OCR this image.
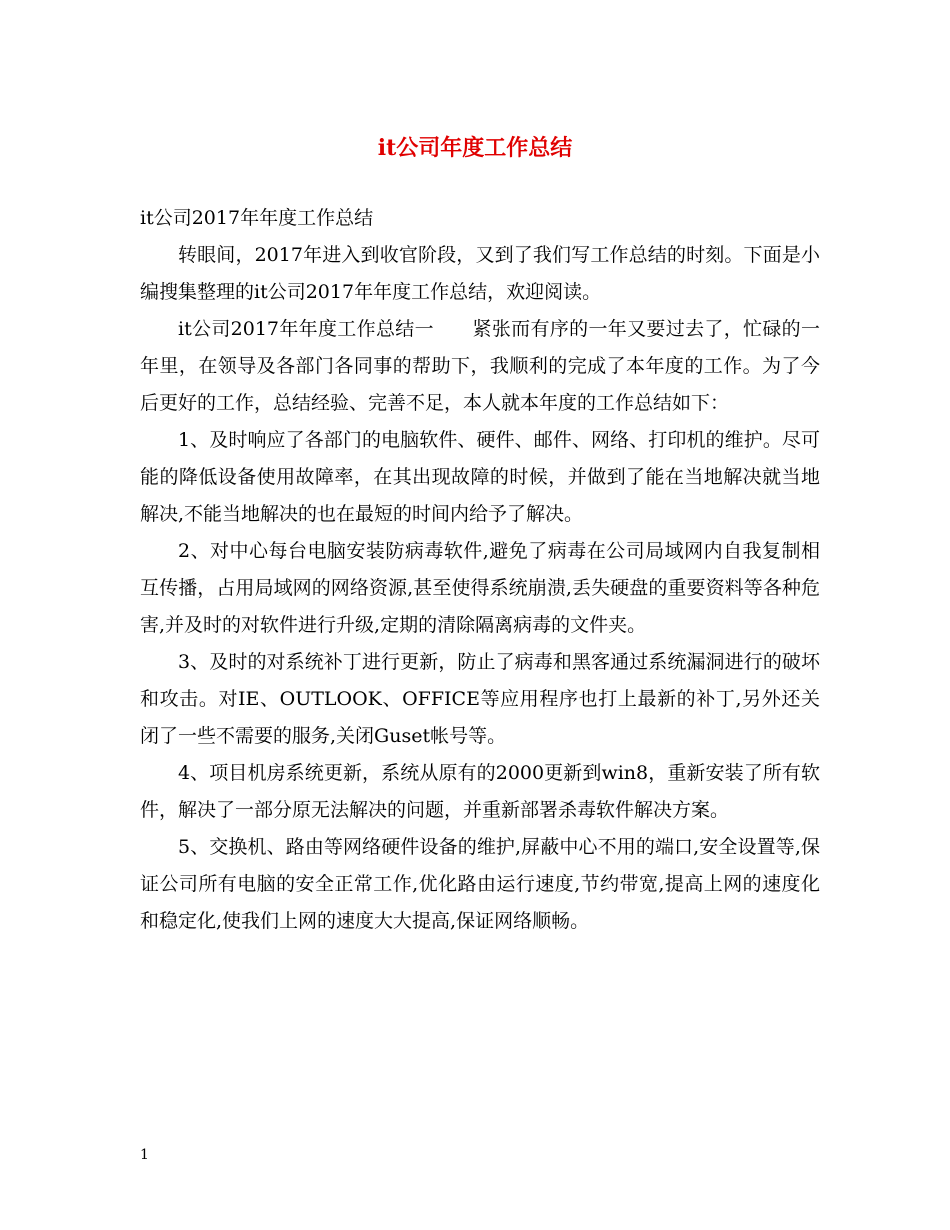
it公司年度工作总结

it公司2017年年度工作总结

转眼间，2017年进入到收官阶段，又到了我们写工作总结的时刻。下面是小编搜集整理的it公司2017年年度工作总结，欢迎阅读。

it公司2017年年度工作总结一　　紧张而有序的一年又要过去了，忙碌的一年里，在领导及各部门各同事的帮助下，我顺利的完成了本年度的工作。为了今后更好的工作，总结经验、完善不足，本人就本年度的工作总结如下：

1、及时响应了各部门的电脑软件、硬件、邮件、网络、打印机的维护。尽可能的降低设备使用故障率，在其出现故障的时候，并做到了能在当地解决就当地解决,不能当地解决的也在最短的时间内给予了解决。

2、对中心每台电脑安装防病毒软件,避免了病毒在公司局域网内自我复制相互传播，占用局域网的网络资源,甚至使得系统崩溃,丢失硬盘的重要资料等各种危害,并及时的对软件进行升级,定期的清除隔离病毒的文件夹。

3、及时的对系统补丁进行更新，防止了病毒和黑客通过系统漏洞进行的破坏和攻击。对IE、OUTLOOK、OFFICE等应用程序也打上最新的补丁,另外还关闭了一些不需要的服务,关闭Guset帐号等。

4、项目机房系统更新，系统从原有的2000更新到win8，重新安装了所有软件，解决了一部分原无法解决的问题，并重新部署杀毒软件解决方案。

5、交换机、路由等网络硬件设备的维护,屏蔽中心不用的端口,安全设置等,保证公司所有电脑的安全正常工作,优化路由运行速度,节约带宽,提高上网的速度化和稳定化,使我们上网的速度大大提高,保证网络顺畅。

1
